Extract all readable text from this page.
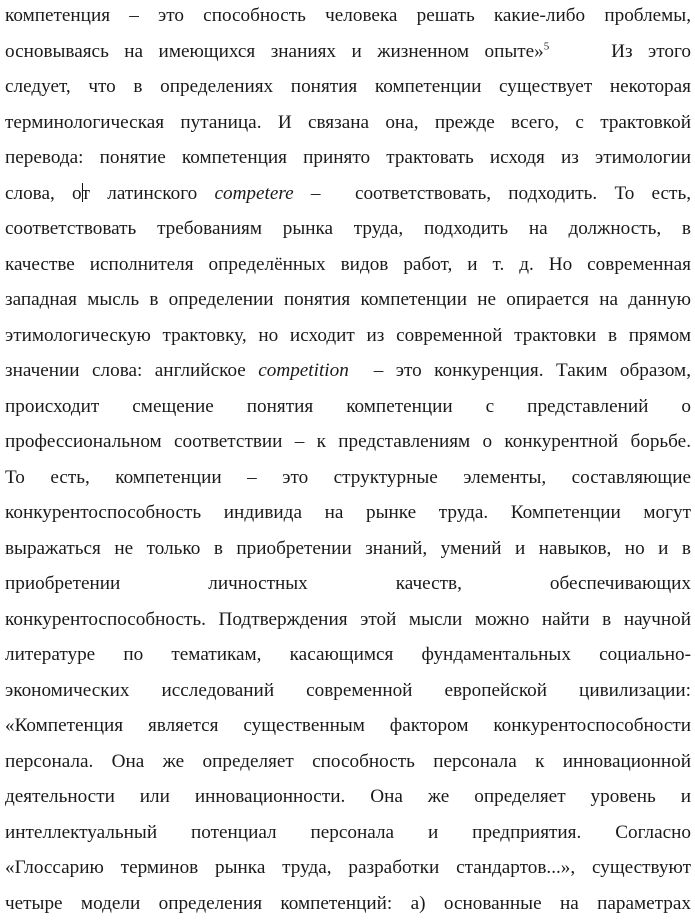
компетенция – это способность человека решать какие-либо проблемы,
основываясь на имеющихся знаниях и жизненном опыте»$^5$    Из этого
следует, что в определениях понятия компетенции существует некоторая
терминологическая путаница. И связана она, прежде всего, с трактовкой
перевода: понятие компетенция принято трактовать исходя из этимологии
слова, от латинского competere –  соответствовать, подходить. То есть,
соответствовать требованиям рынка труда, подходить на должность, в
качестве исполнителя определённых видов работ, и т. д. Но современная
западная мысль в определении понятия компетенции не опирается на данную
этимологическую трактовку, но исходит из современной трактовки в прямом
значении слова: английское competition  – это конкуренция. Таким образом,
происходит смещение понятия компетенции с представлений о
профессиональном соответствии – к представлениям о конкурентной борьбе.
То есть, компетенции – это структурные элементы, составляющие
конкурентоспособность индивида на рынке труда. Компетенции могут
выражаться не только в приобретении знаний, умений и навыков, но и в
приобретении личностных качеств, обеспечивающих
конкурентоспособность. Подтверждения этой мысли можно найти в научной
литературе по тематикам, касающимся фундаментальных социально-
экономических исследований современной европейской цивилизации:
«Компетенция является существенным фактором конкурентоспособности
персонала. Она же определяет способность персонала к инновационной
деятельности или инновационности. Она же определяет уровень и
интеллектуальный потенциал персонала и предприятия. Согласно
«Глоссарию терминов рынка труда, разработки стандартов...», существуют
четыре модели определения компетенций: а) основанные на параметрах
